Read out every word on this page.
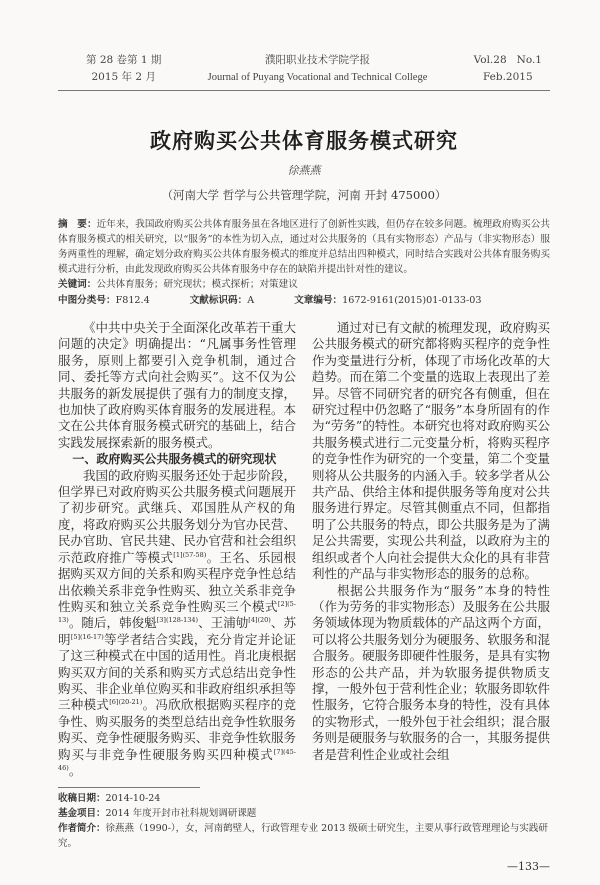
第 28 卷第 1 期
2015 年 2 月
濮阳职业技术学院学报
Journal of Puyang Vocational and Technical College
Vol.28   No.1
Feb.2015
政府购买公共体育服务模式研究
徐燕燕
（河南大学 哲学与公共管理学院，河南 开封 475000）
摘　要：近年来，我国政府购买公共体育服务虽在各地区进行了创新性实践，但仍存在较多问题。梳理政府购买公共体育服务模式的相关研究，以“服务”的本性为切入点，通过对公共服务的（具有实物形态）产品与（非实物形态）服务两重性的理解，确定划分政府购买公共体育服务模式的维度并总结出四种模式，同时结合实践对公共体育服务购买模式进行分析，由此发现政府购买公共体育服务中存在的缺陷并提出针对性的建议。
关键词：公共体育服务；研究现状；模式探析；对策建议
中图分类号：F812.4	文献标识码：A	文章编号：1672-9161(2015)01-0133-03

《中共中央关于全面深化改革若干重大问题的决定》明确提出：“凡属事务性管理服务，原则上都要引入竞争机制，通过合同、委托等方式向社会购买”。这不仅为公共服务的新发展提供了强有力的制度支撑，也加快了政府购买体育服务的发展进程。本文在公共体育服务模式研究的基础上，结合实践发展探索新的服务模式。

一、政府购买公共服务模式的研究现状

我国的政府购买服务还处于起步阶段，但学界已对政府购买公共服务模式问题展开了初步研究。武继兵、邓国胜从产权的角度，将政府购买公共服务划分为官办民营、民办官助、官民共建、民办官营和社会组织示范政府推广等模式$^{[1](57-58)}$。王名、乐园根据购买双方间的关系和购买程序竞争性总结出依赖关系非竞争性购买、独立关系非竞争性购买和独立关系竞争性购买三个模式$^{[2](5-13)}$。随后，韩俊魁$^{[3](128-134)}$、王浦劬$^{[4](20)}$、苏明$^{[5](16-17)}$等学者结合实践，充分肯定并论证了这三种模式在中国的适用性。肖北庚根据购买双方间的关系和购买方式总结出竞争性购买、非企业单位购买和非政府组织承担等三种模式$^{[6](20-21)}$。冯欣欣根据购买程序的竞争性、购买服务的类型总结出竞争性软服务购买、竞争性硬服务购买、非竞争性软服务购买与非竞争性硬服务购买四种模式$^{[7](45-46)}$。

通过对已有文献的梳理发现，政府购买公共服务模式的研究都将购买程序的竞争性作为变量进行分析，体现了市场化改革的大趋势。而在第二个变量的选取上表现出了差异。尽管不同研究者的研究各有侧重，但在研究过程中仍忽略了“服务”本身所固有的作为“劳务”的特性。本研究也将对政府购买公共服务模式进行二元变量分析，将购买程序的竞争性作为研究的一个变量，第二个变量则将从公共服务的内涵入手。较多学者从公共产品、供给主体和提供服务等角度对公共服务进行界定。尽管其侧重点不同，但都指明了公共服务的特点，即公共服务是为了满足公共需要，实现公共利益，以政府为主的组织或者个人向社会提供大众化的具有非营利性的产品与非实物形态的服务的总称。

根据公共服务作为“服务”本身的特性（作为劳务的非实物形态）及服务在公共服务领域体现为物质载体的产品这两个方面，可以将公共服务划分为硬服务、软服务和混合服务。硬服务即硬件性服务，是具有实物形态的公共产品，并为软服务提供物质支撑，一般外包于营利性企业；软服务即软件性服务，它符合服务本身的特性，没有具体的实物形式，一般外包于社会组织；混合服务则是硬服务与软服务的合一，其服务提供者是营利性企业或社会组

收稿日期：2014-10-24
基金项目：2014 年度开封市社科规划调研课题
作者简介：徐燕燕（1990-），女，河南鹤壁人，行政管理专业 2013 级硕士研究生，主要从事行政管理理论与实践研究。
—133—
